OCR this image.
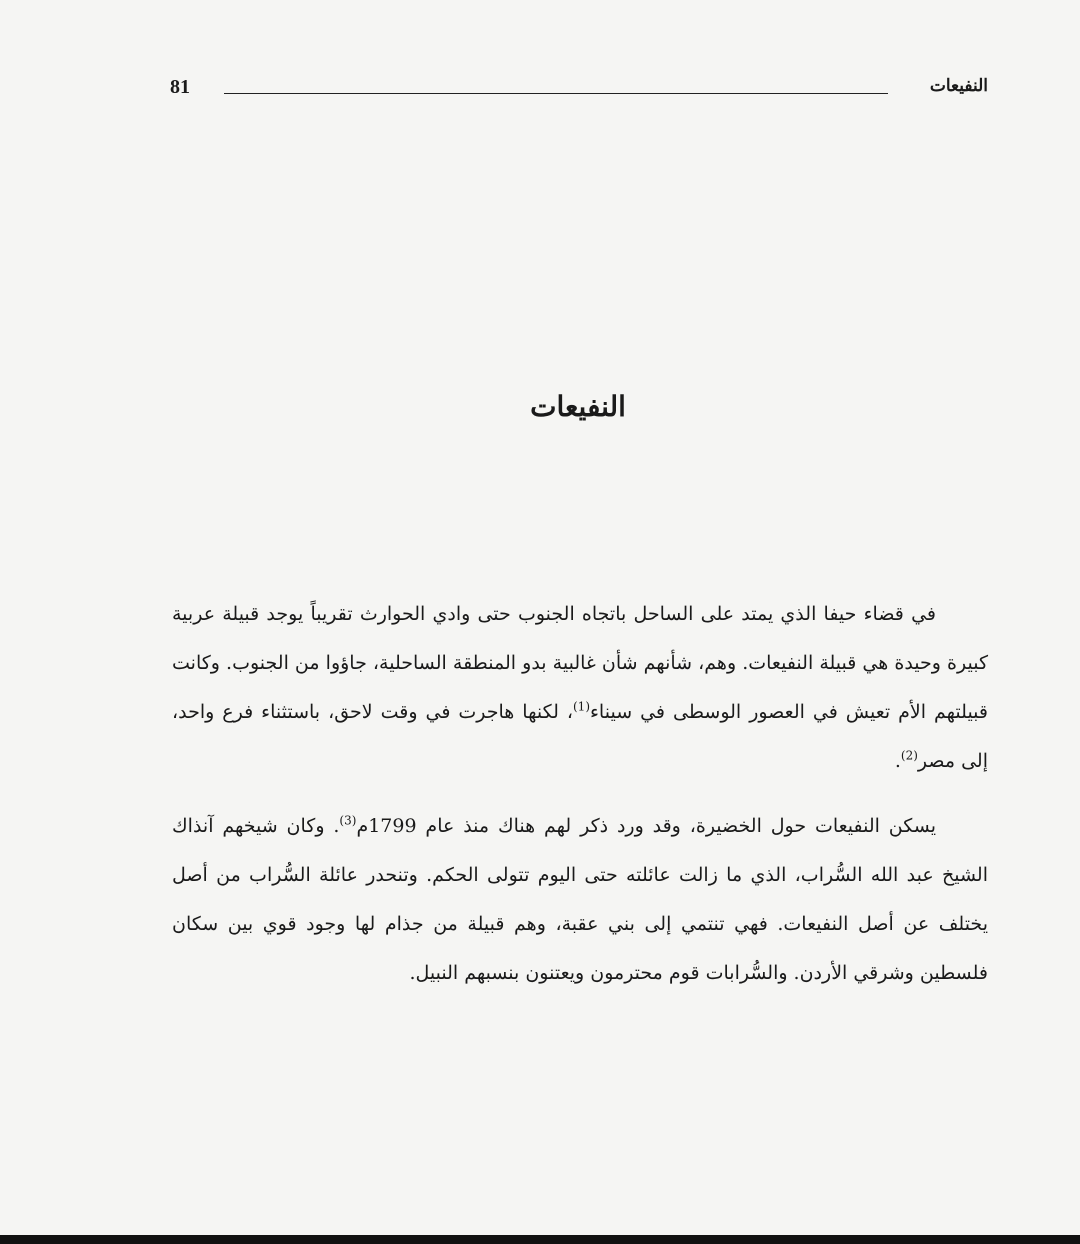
81	النفيعات
النفيعات

في قضاء حيفا الذي يمتد على الساحل باتجاه الجنوب حتى وادي الحوارث تقريباً يوجد قبيلة عربية كبيرة وحيدة هي قبيلة النفيعات. وهم، شأنهم شأن غالبية بدو المنطقة الساحلية، جاؤوا من الجنوب. وكانت قبيلتهم الأم تعيش في العصور الوسطى في سيناء$^{(1)}$، لكنها هاجرت في وقت لاحق، باستثناء فرع واحد، إلى مصر$^{(2)}$.

يسكن النفيعات حول الخضيرة، وقد ورد ذكر لهم هناك منذ عام 1799م$^{(3)}$. وكان شيخهم آنذاك الشيخ عبد الله السُّراب، الذي ما زالت عائلته حتى اليوم تتولى الحكم. وتنحدر عائلة السُّراب من أصل يختلف عن أصل النفيعات. فهي تنتمي إلى بني عقبة، وهم قبيلة من جذام لها وجود قوي بين سكان فلسطين وشرقي الأردن. والسُّرابات قوم محترمون ويعتنون بنسبهم النبيل.
